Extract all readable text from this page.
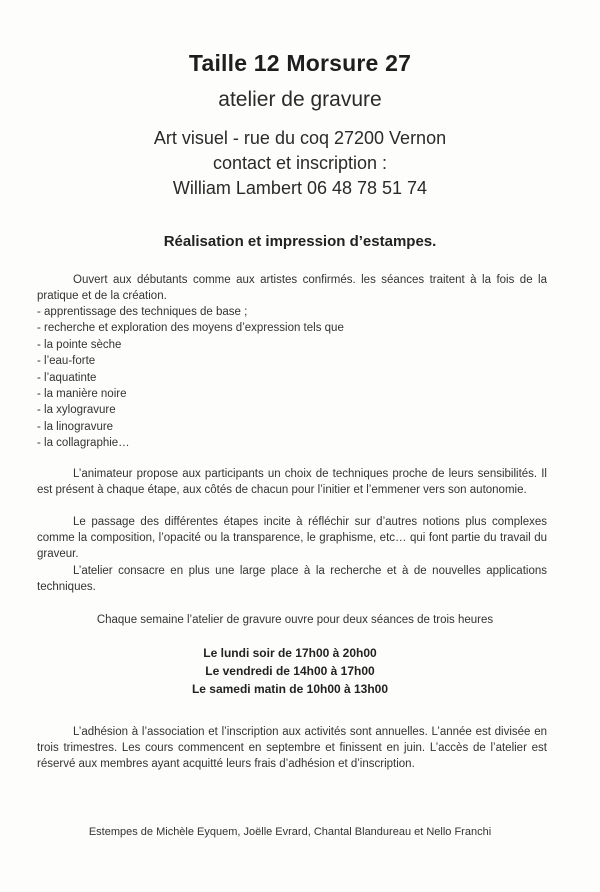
Taille 12 Morsure 27
atelier de gravure
Art visuel - rue du coq 27200 Vernon
contact et inscription :
William Lambert 06 48 78 51 74
Réalisation et impression d’estampes.
Ouvert aux débutants comme aux artistes confirmés. les séances traitent à la fois de la pratique et de la création.
- apprentissage des techniques de base ;
- recherche et exploration des moyens d’expression tels que
- la pointe sèche
- l’eau-forte
- l’aquatinte
- la manière noire
- la xylogravure
- la linogravure
- la collagraphie…
L’animateur propose aux participants un choix de techniques proche de leurs sensibilités. Il est présent à chaque étape, aux côtés de chacun pour l’initier et l’emmener vers son autonomie.
Le passage des différentes étapes incite à réfléchir sur d’autres notions plus complexes comme la composition, l’opacité ou la transparence, le graphisme, etc… qui font partie du travail du graveur.
L’atelier consacre en plus une large place à la recherche et à de nouvelles applications techniques.
Chaque semaine l’atelier de gravure ouvre pour deux séances de trois heures
Le lundi soir de 17h00 à 20h00
Le vendredi de 14h00 à 17h00
Le samedi matin de 10h00 à 13h00
L’adhésion à l’association et l’inscription aux activités sont annuelles. L’année est divisée en trois trimestres. Les cours commencent en septembre et finissent en juin. L’accès de l’atelier est réservé aux membres ayant acquitté leurs frais d’adhésion et d’inscription.
Estempes de Michèle Eyquem, Joëlle Evrard, Chantal Blandureau et Nello Franchi
